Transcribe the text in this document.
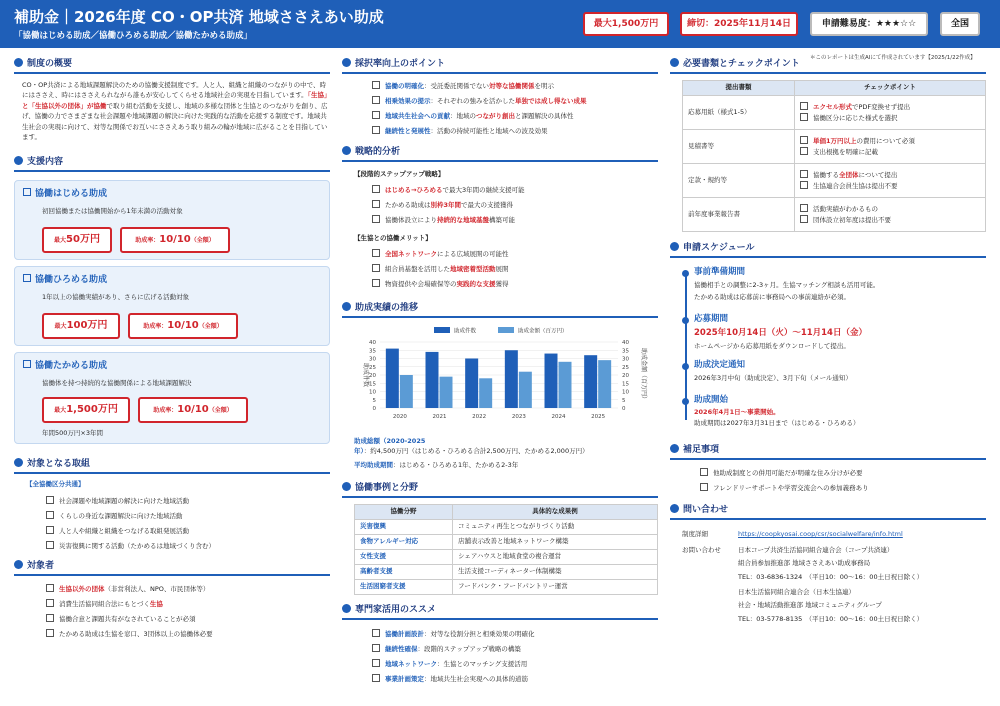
補助金｜2026年度 CO・OP共済 地域ささえあい助成
「協働はじめる助成／協働ひろめる助成／協働たかめる助成」
最大1,500万円	締切：2025年11月14日	申請難易度：★★★☆☆	全国
＊このレポートは生成AIにて作成されています【2025/1/22作成】
制度の概要
CO・OP共済による地域課題解決のための協働支援制度です。人と人、組織と組織のつながりの中で、時にはささえ、時にはささえられながら誰もが安心してくらせる地域社会の実現を目指しています。「生協」と「生協以外の団体」が協働で取り組む活動を支援し、地域の多様な団体と生協とのつながりを創り、広げ、協働の力でさまざまな社会課題や地域課題の解決に向けた実践的な活動を応援する制度です。地域共生社会の実現に向けて、対等な関係でお互いにささえあう取り組みの輪が地域に広がることを目指しています。
支援内容
協働はじめる助成
初回協働または協働開始から1年未満の活動対象
最大50万円	助成率：10/10（全額）
協働ひろめる助成
1年以上の協働実績があり、さらに広げる活動対象
最大100万円	助成率：10/10（全額）
協働たかめる助成
協働体を持つ持続的な協働関係による地域課題解決
最大1,500万円	助成率：10/10（全額）
年間500万円×3年間
対象となる取組
【全協働区分共通】
社会課題や地域課題の解決に向けた地域活動
くらしの身近な課題解決に向けた地域活動
人と人や組織と組織をつなげる取組発展活動
災害復興に関する活動（たかめるは地域づくり含む）
対象者
生協以外の団体（非営利法人、NPO、市民団体等）
消費生活協同組合法にもとづく生協
協働合意と課題共有がなされていることが必須
たかめる助成は生協を窓口、3団体以上の協働体必要
採択率向上のポイント
協働の明確化：受託委託関係でない対等な協働関係を明示
相乗効果の提示：それぞれの強みを活かした単独では成し得ない成果
地域共生社会への貢献：地域のつながり創出と課題解決の具体性
継続性と発展性：活動の持続可能性と地域への波及効果
戦略的分析
【段階的ステップアップ戦略】
はじめる→ひろめるで最大3年間の継続支援可能
たかめる助成は別枠3年間で最大の支援獲得
協働体設立により持続的な地域基盤構築可能
【生協との協働メリット】
全国ネットワークによる広域展開の可能性
組合員基盤を活用した地域密着型活動展開
物資提供や会場確保等の実践的な支援獲得
助成実績の推移
0	0
5	5
10	10
15	15
20	20
25	25
30	30
35	35
40	40
助成件数	助成金額（百万円）
助成件数	助成金額（百万円）
2020	2021	2022	2023	2024	2025
助成総額（2020-2025年）：約4,500万円（はじめる・ひろめる合計2,500万円、たかめる2,000万円）
平均助成期間：はじめる・ひろめる1年、たかめる2-3年
協働事例と分野
協働分野	具体的な成果例
災害復興	コミュニティ再生とつながりづくり活動
食物アレルギー対応	店舗表示改善と地域ネットワーク構築
女性支援	シェアハウスと地域食堂の複合運営
高齢者支援	生活支援コーディネーター体制構築
生活困窮者支援	フードバンク・フードパントリー運営
専門家活用のススメ
協働計画設計：対等な役割分担と相乗効果の明確化
継続性確保：段階的ステップアップ戦略の構築
地域ネットワーク：生協とのマッチング支援活用
事業計画策定：地域共生社会実現への具体的道筋
必要書類とチェックポイント
提出書類	チェックポイント
応募用紙（様式1-5）	エクセル形式でPDF変換せず提出
協働区分に応じた様式を選択

見積書等	単価1万円以上の費用について必須
支出根拠を明確に記載

定款・規約等	協働する全団体について提出
生協連合会員生協は提出不要

前年度事業報告書	活動実績がわかるもの
団体設立初年度は提出不要
申請スケジュール
事前準備期間
協働相手との調整に2-3ヶ月。生協マッチング相談も活用可能。
たかめる助成は応募前に事務局への事前連絡が必須。
応募期間
2025年10月14日（火）～11月14日（金）
ホームページから応募用紙をダウンロードして提出。
助成決定通知
2026年3月中旬（助成決定）、3月下旬（メール通知）
助成開始
2026年4月1日～事業開始。
助成期間は2027年3月31日まで（はじめる・ひろめる）
補足事項
他助成制度との併用可能だが明確な住み分けが必要
フレンドリーサポートや学習交流会への参加義務あり
問い合わせ
制度詳細	https://coopkyosai.coop/csr/socialwelfare/info.html
お問い合わせ	日本コープ共済生活協同組合連合会（コープ共済連）
組合員参加推進部 地域ささえあい助成事務局
TEL：03-6836-1324　（平日10：00～16：00土日祝日除く）
日本生活協同組合連合会（日本生協連）
社会・地域活動推進部 地域コミュニティグループ
TEL：03-5778-8135　（平日10：00～16：00土日祝日除く）
